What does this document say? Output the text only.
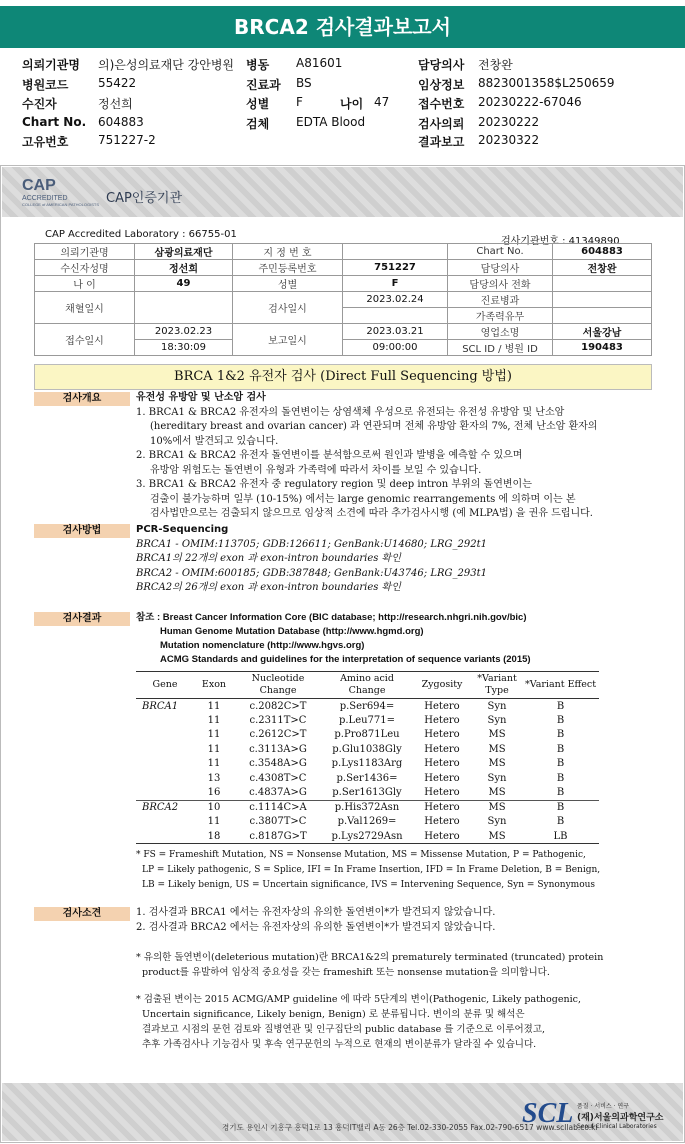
BRCA2 검사결과보고서
의뢰기관명 의)은성의료재단 강안병원 병동 A81601	담당의사 전창완
병원코드 55422	진료과 BS	임상정보 8823001358$L250659
수진자	정선희	성별 F	나이 47 접수번호 20230222-67046
Chart No. 604883	검체 EDTA Blood	검사의뢰 20230222
고유번호 751227-2	결과보고 20230322
CAP
ACCREDITED
COLLEGE of AMERICAN PATHOLOGISTS CAP인증기관
CAP Accredited Laboratory : 66755-01
검사기관번호 : 41349890
의뢰기관명	삼광의료재단	지 정 번 호		Chart No.	604883
수신자성명	정선희	주민등록번호	751227	담당의사	전창완
나 이	49	성별	F	담당의사 전화	
채혈일시		검사일시	2023.02.24	진료병과	
				가족력유무	
접수일시	2023.02.23	보고일시	2023.03.21	영업소명	서울강남
	18:30:09		09:00:00	SCL ID / 병원 ID	190483
BRCA 1&2 유전자 검사 (Direct Full Sequencing 방법)
검사개요	유전성 유방암 및 난소암 검사

1. BRCA1 & BRCA2 유전자의 돌연변이는 상염색체 우성으로 유전되는 유전성 유방암 및 난소암

(hereditary breast and ovarian cancer) 과 연관되며 전체 유방암 환자의 7%, 전체 난소암 환자의

10%에서 발견되고 있습니다.

2. BRCA1 & BRCA2 유전자 돌연변이를 분석함으로써 원인과 발병을 예측할 수 있으며

유방암 위험도는 돌연변이 유형과 가족력에 따라서 차이를 보일 수 있습니다.

3. BRCA1 & BRCA2 유전자 중 regulatory region 및 deep intron 부위의 돌연변이는

검출이 불가능하며 일부 (10-15%) 에서는 large genomic rearrangements 에 의하며 이는 본

검사법만으로는 검출되지 않으므로 임상적 소견에 따라 추가검사시행 (예 MLPA법) 을 권유 드립니다.

검사방법	PCR-Sequencing

BRCA1 - OMIM:113705; GDB:126611; GenBank:U14680; LRG_292t1

BRCA1의 22개의 exon 과 exon-intron boundaries 확인

BRCA2 - OMIM:600185; GDB:387848; GenBank:U43746; LRG_293t1

BRCA2의 26개의 exon 과 exon-intron boundaries 확인

검사결과	참조 : Breast Cancer Information Core (BIC database; http://research.nhgri.nih.gov/bic)

Human Genome Mutation Database (http://www.hgmd.org)

Mutation nomenclature (http://www.hgvs.org)

ACMG Standards and guidelines for the interpretation of sequence variants (2015)

Gene	Exon	Nucleotide Change	Amino acid Change	Zygosity	*Variant Type	*Variant Effect
BRCA1	11	c.2082C>T	p.Ser694=	Hetero	Syn	B
	11	c.2311T>C	p.Leu771=	Hetero	Syn	B
	11	c.2612C>T	p.Pro871Leu	Hetero	MS	B
	11	c.3113A>G	p.Glu1038Gly	Hetero	MS	B
	11	c.3548A>G	p.Lys1183Arg	Hetero	MS	B
	13	c.4308T>C	p.Ser1436=	Hetero	Syn	B
	16	c.4837A>G	p.Ser1613Gly	Hetero	MS	B
BRCA2	10	c.1114C>A	p.His372Asn	Hetero	MS	B
	11	c.3807T>C	p.Val1269=	Hetero	Syn	B
	18	c.8187G>T	p.Lys2729Asn	Hetero	MS	LB

* FS = Frameshift Mutation, NS = Nonsense Mutation, MS = Missense Mutation, P = Pathogenic,

LP = Likely pathogenic, S = Splice, IFI = In Frame Insertion, IFD = In Frame Deletion, B = Benign,

LB = Likely benign, US = Uncertain significance, IVS = Intervening Sequence, Syn = Synonymous

검사소견	1. 검사결과 BRCA1 에서는 유전자상의 유의한 돌연변이*가 발견되지 않았습니다.

2. 검사결과 BRCA2 에서는 유전자상의 유의한 돌연변이*가 발견되지 않았습니다.

* 유의한 돌연변이(deleterious mutation)란 BRCA1&2의 prematurely terminated (truncated) protein

product를 유발하여 임상적 중요성을 갖는 frameshift 또는 nonsense mutation을 의미합니다.

* 검출된 변이는 2015 ACMG/AMP guideline 에 따라 5단계의 변이(Pathogenic, Likely pathogenic,

Uncertain significance, Likely benign, Benign) 로 분류됩니다. 변이의 분류 및 해석은

결과보고 시점의 문헌 검토와 질병연관 및 인구집단의 public database 를 기준으로 이루어졌고,

추후 가족검사나 기능검사 및 후속 연구문헌의 누적으로 현재의 변이분류가 달라질 수 있습니다.

경기도 용인시 기흥구 흥덕1로 13 흥덕IT밸리 A동 26층 Tel.02-330-2055 Fax.02-790-6517 www.scllab.co.kr
SCL 품질 · 서비스 · 연구
(재)서울의과학연구소
Seoul Clinical Laboratories
